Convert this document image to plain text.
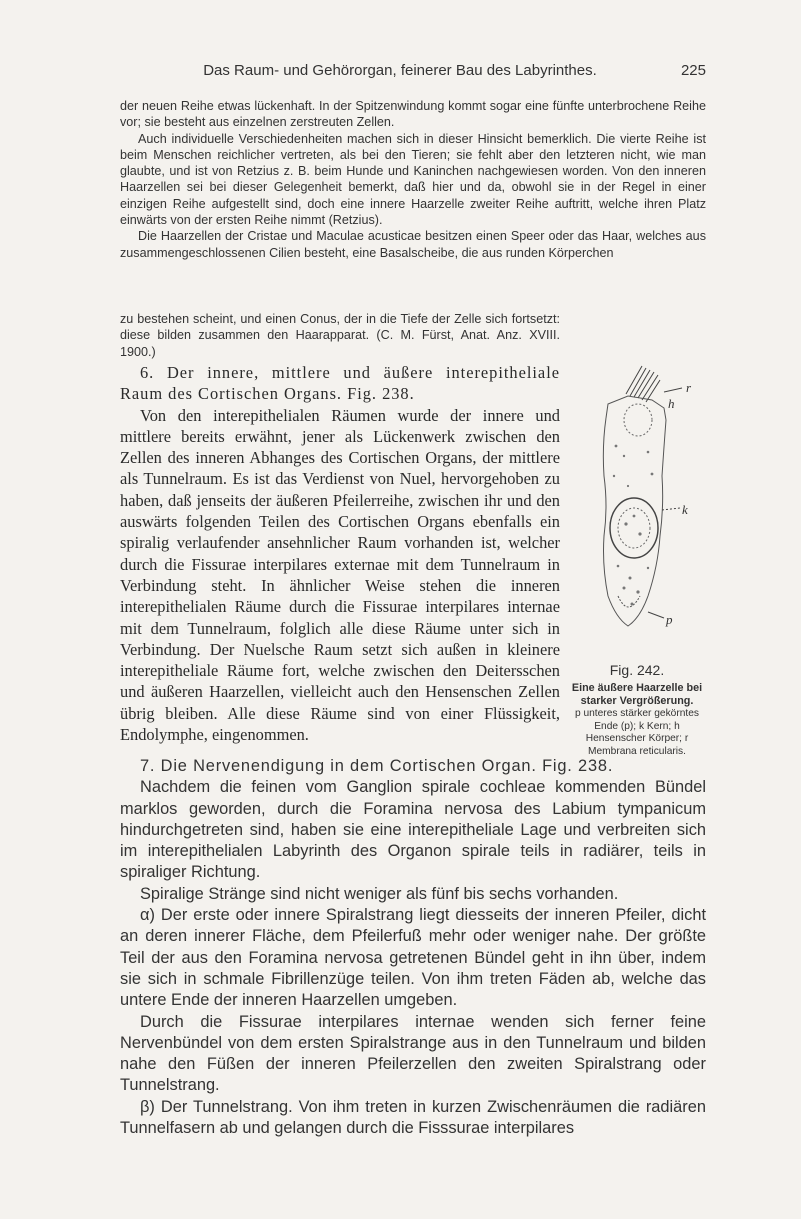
Das Raum- und Gehörorgan, feinerer Bau des Labyrinthes.	225

der neuen Reihe etwas lückenhaft. In der Spitzenwindung kommt sogar eine fünfte unterbrochene Reihe vor; sie besteht aus einzelnen zerstreuten Zellen.

Auch individuelle Verschiedenheiten machen sich in dieser Hinsicht bemerklich. Die vierte Reihe ist beim Menschen reichlicher vertreten, als bei den Tieren; sie fehlt aber den letzteren nicht, wie man glaubte, und ist von Retzius z. B. beim Hunde und Kaninchen nachgewiesen worden. Von den inneren Haarzellen sei bei dieser Gelegenheit bemerkt, daß hier und da, obwohl sie in der Regel in einer einzigen Reihe aufgestellt sind, doch eine innere Haarzelle zweiter Reihe auftritt, welche ihren Platz einwärts von der ersten Reihe nimmt (Retzius).

Die Haarzellen der Cristae und Maculae acusticae besitzen einen Speer oder das Haar, welches aus zusammengeschlossenen Cilien besteht, eine Basalscheibe, die aus runden Körperchen

zu bestehen scheint, und einen Conus, der in die Tiefe der Zelle sich fortsetzt: diese bilden zusammen den Haarapparat. (C. M. Fürst, Anat. Anz. XVIII. 1900.)

6. Der innere, mittlere und äußere interepitheliale Raum des Cortischen Organs. Fig. 238.

Von den interepithelialen Räumen wurde der innere und mittlere bereits erwähnt, jener als Lückenwerk zwischen den Zellen des inneren Abhanges des Cortischen Organs, der mittlere als Tunnelraum. Es ist das Verdienst von Nuel, hervorgehoben zu haben, daß jenseits der äußeren Pfeilerreihe, zwischen ihr und den auswärts folgenden Teilen des Cortischen Organs ebenfalls ein spiralig verlaufender ansehnlicher Raum vorhanden ist, welcher durch die Fissurae interpilares externae mit dem Tunnelraum in Verbindung steht. In ähnlicher Weise stehen die inneren interepithelialen Räume durch die Fissurae interpilares internae mit dem Tunnelraum, folglich alle diese Räume unter sich in Verbindung. Der Nuelsche Raum setzt sich außen in kleinere interepitheliale Räume fort, welche zwischen den Deitersschen und äußeren Haarzellen, vielleicht auch den Hensenschen Zellen übrig bleiben. Alle diese Räume sind von einer Flüssigkeit, Endolymphe, eingenommen.

r
h
k
p
Fig. 242.
Eine äußere Haarzelle bei starker Vergrößerung.
p unteres stärker gekörntes Ende (p); k Kern; h Hensenscher Körper; r Membrana reticularis.

7. Die Nervenendigung in dem Cortischen Organ. Fig. 238.

Nachdem die feinen vom Ganglion spirale cochleae kommenden Bündel marklos geworden, durch die Foramina nervosa des Labium tympanicum hindurchgetreten sind, haben sie eine interepitheliale Lage und verbreiten sich im interepithelialen Labyrinth des Organon spirale teils in radiärer, teils in spiraliger Richtung.

Spiralige Stränge sind nicht weniger als fünf bis sechs vorhanden.

α) Der erste oder innere Spiralstrang liegt diesseits der inneren Pfeiler, dicht an deren innerer Fläche, dem Pfeilerfuß mehr oder weniger nahe. Der größte Teil der aus den Foramina nervosa getretenen Bündel geht in ihn über, indem sie sich in schmale Fibrillenzüge teilen. Von ihm treten Fäden ab, welche das untere Ende der inneren Haarzellen umgeben.

Durch die Fissurae interpilares internae wenden sich ferner feine Nervenbündel von dem ersten Spiralstrange aus in den Tunnelraum und bilden nahe den Füßen der inneren Pfeilerzellen den zweiten Spiralstrang oder Tunnelstrang.

β) Der Tunnelstrang. Von ihm treten in kurzen Zwischenräumen die radiären Tunnelfasern ab und gelangen durch die Fisssurae interpilares
